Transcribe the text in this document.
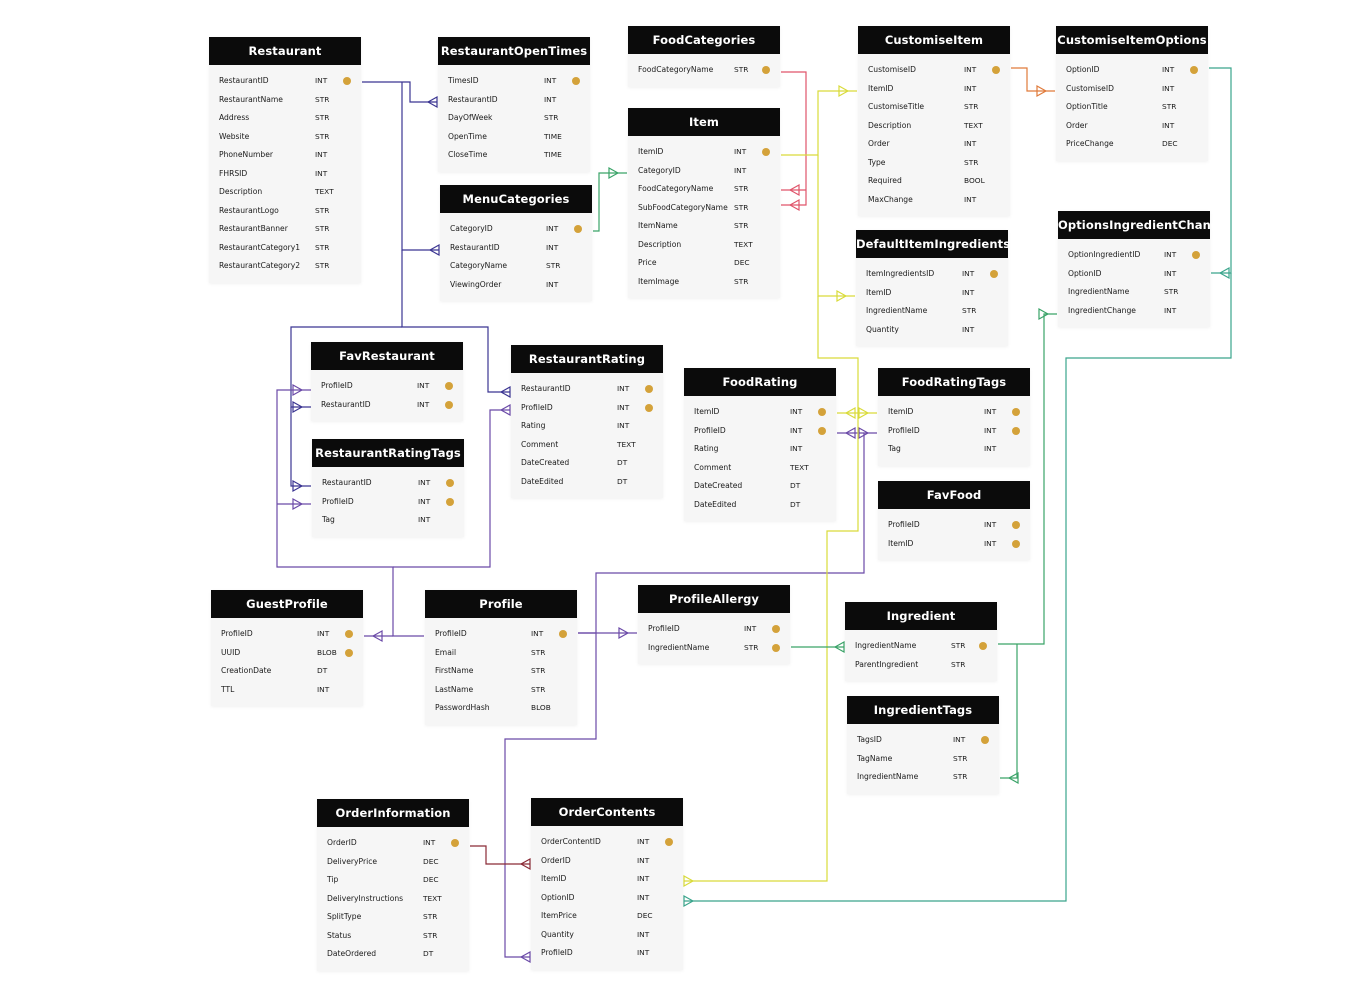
Restaurant
RestaurantID	INT
RestaurantName	STR
Address	STR
Website	STR
PhoneNumber	INT
FHRSID	INT
Description	TEXT
RestaurantLogo	STR
RestaurantBanner	STR
RestaurantCategory1 STR
RestaurantCategory2 STR
RestaurantOpenTimes
TimesID	INT
RestaurantID	INT
DayOfWeek	STR
OpenTime	TIME
CloseTime	TIME
MenuCategories
CategoryID	INT
RestaurantID	INT
CategoryName	STR
ViewingOrder	INT
FoodCategories
FoodCategoryName	STR
Item
ItemID	INT
CategoryID	INT
FoodCategoryName	STR
SubFoodCategoryName STR
ItemName	STR
Description	TEXT
Price	DEC
ItemImage	STR
CustomiseItem
CustomiseID	INT
ItemID	INT
CustomiseTitle	STR
Description	TEXT
Order	INT
Type	STR
Required	BOOL
MaxChange	INT
CustomiseItemOptions
OptionID	INT
CustomiseID	INT
OptionTitle	STR
Order	INT
PriceChange	DEC
DefaultItemIngredients
ItemIngredientsID	INT
ItemID	INT
IngredientName	STR
Quantity	INT
OptionsIngredientChange
OptionIngredientID	INT
OptionID	INT
IngredientName	STR
IngredientChange	INT
FavRestaurant
ProfileID	INT
RestaurantID	INT
RestaurantRatingTags
RestaurantID	INT
ProfileID	INT
Tag	INT
RestaurantRating
RestaurantID	INT
ProfileID	INT
Rating	INT
Comment	TEXT
DateCreated	DT
DateEdited	DT
FoodRating
ItemID	INT
ProfileID	INT
Rating	INT
Comment	TEXT
DateCreated	DT
DateEdited	DT
FoodRatingTags
ItemID	INT
ProfileID	INT
Tag	INT
FavFood
ProfileID	INT
ItemID	INT
GuestProfile
ProfileID	INT
UUID	BLOB
CreationDate	DT
TTL	INT
Profile
ProfileID	INT
Email	STR
FirstName	STR
LastName	STR
PasswordHash	BLOB
ProfileAllergy
ProfileID	INT
IngredientName	STR
Ingredient
IngredientName	STR
ParentIngredient	STR
IngredientTags
TagsID	INT
TagName	STR
IngredientName	STR
OrderInformation
OrderID	INT
DeliveryPrice	DEC
Tip	DEC
DeliveryInstructions	TEXT
SplitType	STR
Status	STR
DateOrdered	DT
OrderContents
OrderContentID	INT
OrderID	INT
ItemID	INT
OptionID	INT
ItemPrice	DEC
Quantity	INT
ProfileID	INT
